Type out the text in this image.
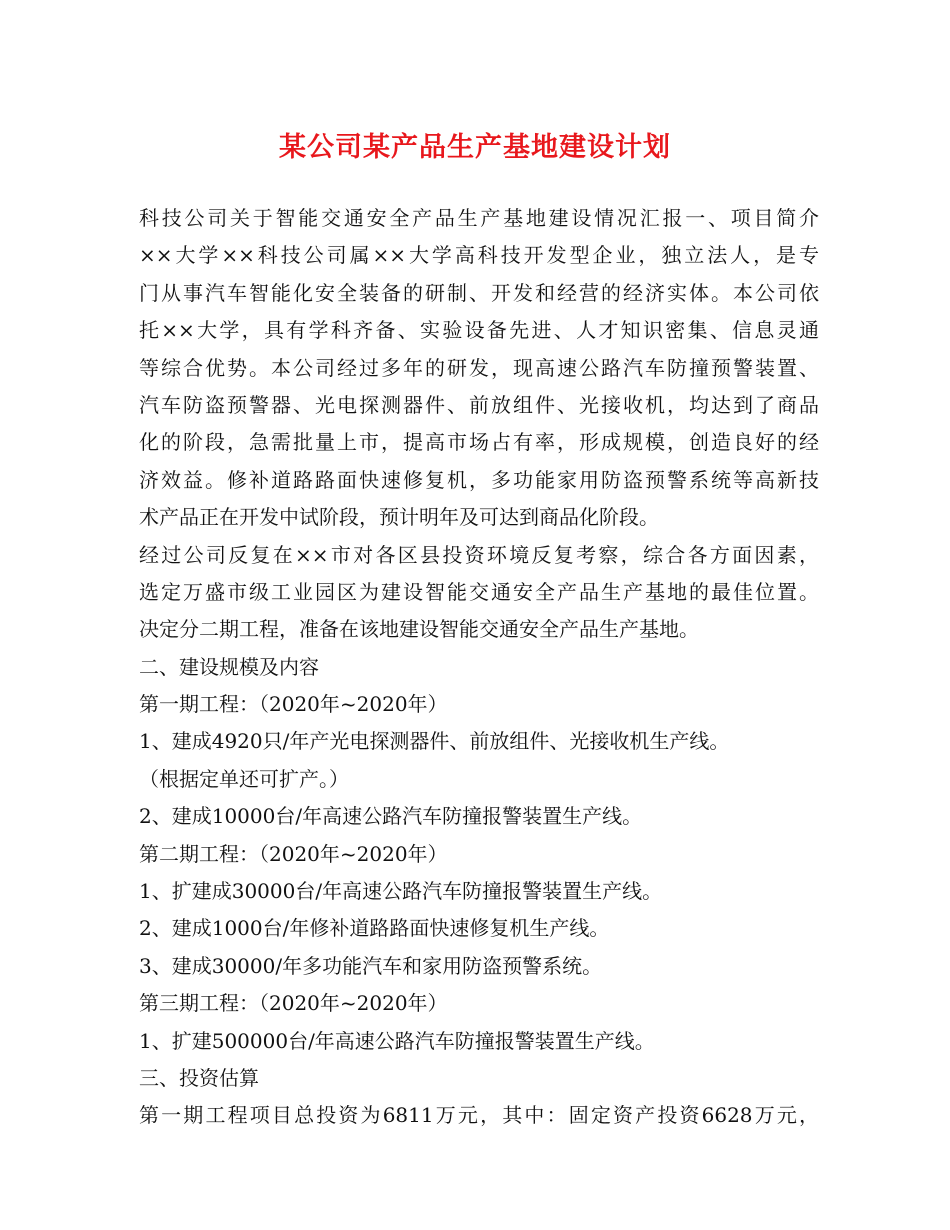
某公司某产品生产基地建设计划
科技公司关于智能交通安全产品生产基地建设情况汇报一、项目简介
××大学××科技公司属××大学高科技开发型企业，独立法人，是专
门从事汽车智能化安全装备的研制、开发和经营的经济实体。本公司依
托××大学，具有学科齐备、实验设备先进、人才知识密集、信息灵通
等综合优势。本公司经过多年的研发，现高速公路汽车防撞预警装置、
汽车防盗预警器、光电探测器件、前放组件、光接收机，均达到了商品
化的阶段，急需批量上市，提高市场占有率，形成规模，创造良好的经
济效益。修补道路路面快速修复机，多功能家用防盗预警系统等高新技
术产品正在开发中试阶段，预计明年及可达到商品化阶段。
经过公司反复在××市对各区县投资环境反复考察，综合各方面因素，
选定万盛市级工业园区为建设智能交通安全产品生产基地的最佳位置。
决定分二期工程，准备在该地建设智能交通安全产品生产基地。
二、建设规模及内容
第一期工程：（2020年~2020年）
1、建成4920只/年产光电探测器件、前放组件、光接收机生产线。
（根据定单还可扩产。）
2、建成10000台/年高速公路汽车防撞报警装置生产线。
第二期工程：（2020年~2020年）
1、扩建成30000台/年高速公路汽车防撞报警装置生产线。
2、建成1000台/年修补道路路面快速修复机生产线。
3、建成30000/年多功能汽车和家用防盗预警系统。
第三期工程：（2020年~2020年）
1、扩建500000台/年高速公路汽车防撞报警装置生产线。
三、投资估算
第一期工程项目总投资为6811万元，其中：固定资产投资6628万元，
